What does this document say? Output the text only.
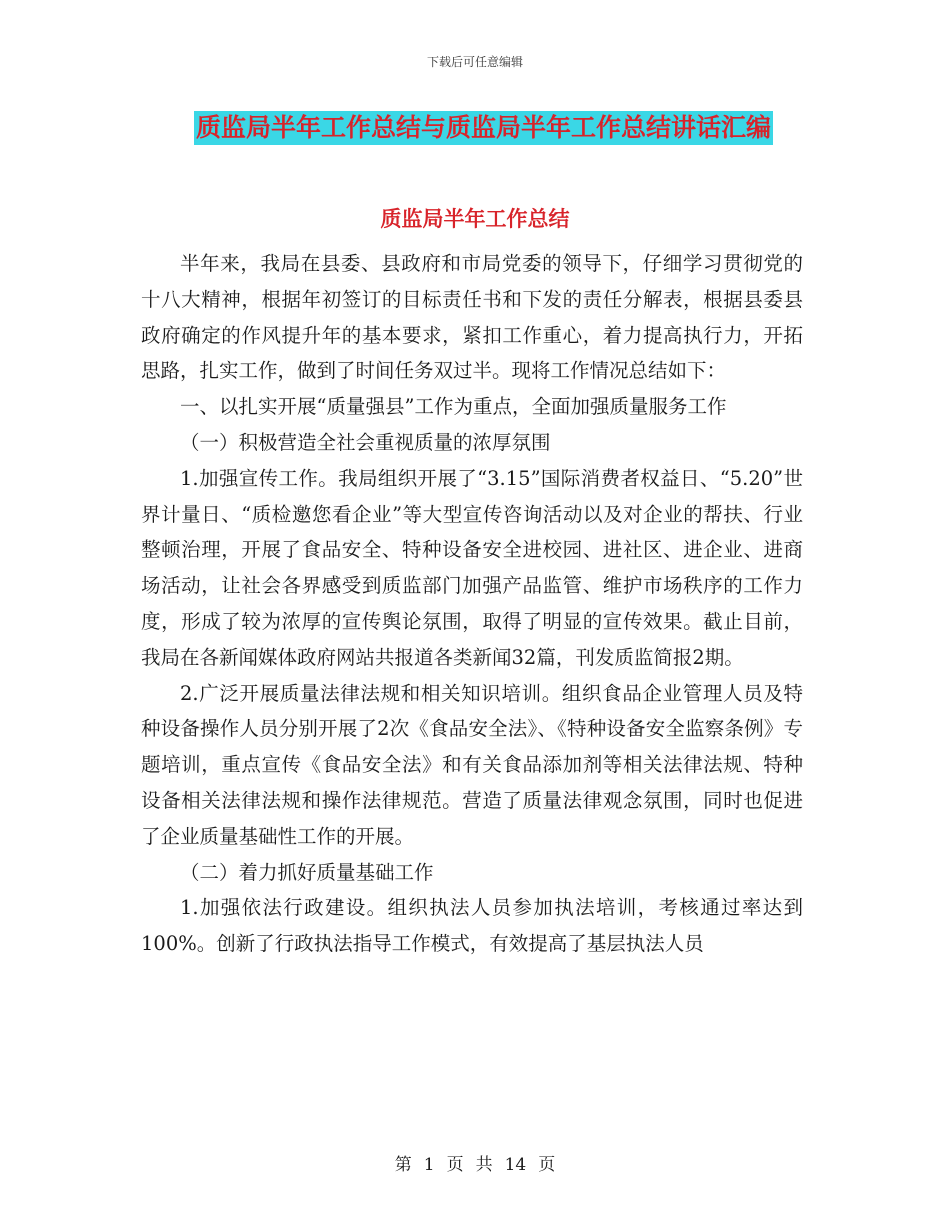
下载后可任意编辑
质监局半年工作总结与质监局半年工作总结讲话汇编
质监局半年工作总结

半年来，我局在县委、县政府和市局党委的领导下，仔细学习贯彻党的十八大精神，根据年初签订的目标责任书和下发的责任分解表，根据县委县政府确定的作风提升年的基本要求，紧扣工作重心，着力提高执行力，开拓思路，扎实工作，做到了时间任务双过半。现将工作情况总结如下：

一、以扎实开展“质量强县”工作为重点，全面加强质量服务工作

（一）积极营造全社会重视质量的浓厚氛围

1.加强宣传工作。我局组织开展了“3.15”国际消费者权益日、“5.20”世界计量日、“质检邀您看企业”等大型宣传咨询活动以及对企业的帮扶、行业整顿治理，开展了食品安全、特种设备安全进校园、进社区、进企业、进商场活动，让社会各界感受到质监部门加强产品监管、维护市场秩序的工作力度，形成了较为浓厚的宣传舆论氛围，取得了明显的宣传效果。截止目前，我局在各新闻媒体政府网站共报道各类新闻32篇，刊发质监简报2期。

2.广泛开展质量法律法规和相关知识培训。组织食品企业管理人员及特种设备操作人员分别开展了2次《食品安全法》、《特种设备安全监察条例》专题培训，重点宣传《食品安全法》和有关食品添加剂等相关法律法规、特种设备相关法律法规和操作法律规范。营造了质量法律观念氛围，同时也促进了企业质量基础性工作的开展。

（二）着力抓好质量基础工作

1.加强依法行政建设。组织执法人员参加执法培训，考核通过率达到100%。创新了行政执法指导工作模式，有效提高了基层执法人员

第 1 页 共 14 页
